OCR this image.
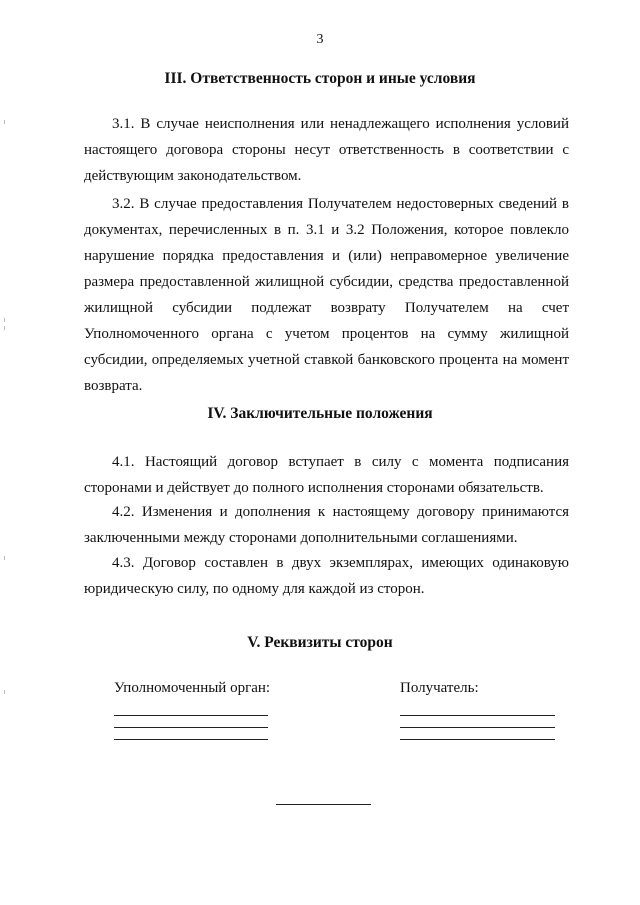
3
III. Ответственность сторон и иные условия

3.1. В случае неисполнения или ненадлежащего исполнения условий настоящего договора стороны несут ответственность в соответствии с действующим законодательством.

3.2. В случае предоставления Получателем недостоверных сведений в документах, перечисленных в п. 3.1 и 3.2 Положения, которое повлекло нарушение порядка предоставления и (или) неправомерное увеличение размера предоставленной жилищной субсидии, средства предоставленной жилищной субсидии подлежат возврату Получателем на счет Уполномоченного органа с учетом процентов на сумму жилищной субсидии, определяемых учетной ставкой банковского процента на момент возврата.

IV. Заключительные положения

4.1. Настоящий договор вступает в силу с момента подписания сторонами и действует до полного исполнения сторонами обязательств.

4.2. Изменения и дополнения к настоящему договору принимаются заключенными между сторонами дополнительными соглашениями.

4.3. Договор составлен в двух экземплярах, имеющих одинаковую юридическую силу, по одному для каждой из сторон.

V. Реквизиты сторон
Уполномоченный орган:	Получатель:
